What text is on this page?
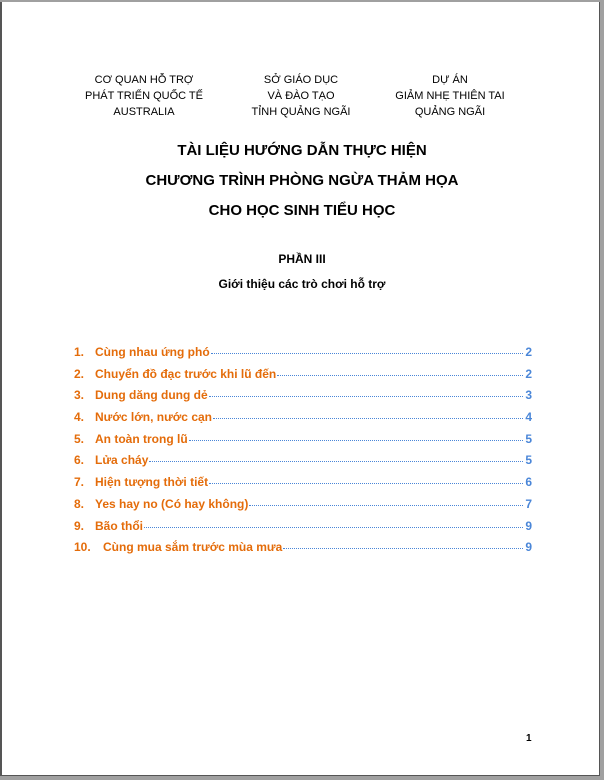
CƠ QUAN HỖ TRỢ
PHÁT TRIỂN QUỐC TẾ
AUSTRALIA
SỞ GIÁO DỤC
VÀ ĐÀO TẠO
TỈNH QUẢNG NGÃI
DỰ ÁN
GIẢM NHẸ THIÊN TAI
QUẢNG NGÃI
TÀI LIỆU HƯỚNG DẪN THỰC HIỆN
CHƯƠNG TRÌNH PHÒNG NGỪA THẢM HỌA
CHO HỌC SINH TIỂU HỌC
PHẦN III
Giới thiệu các trò chơi hỗ trợ
1. Cùng nhau ứng phó	2
2. Chuyển đồ đạc trước khi lũ đến	2
3. Dung dăng dung dẻ	3
4. Nước lớn, nước cạn	4
5. An toàn trong lũ	5
6. Lửa cháy	5
7. Hiện tượng thời tiết	6
8. Yes hay no (Có hay không)	7
9. Bão thổi	9
10.	Cùng mua sắm trước mùa mưa	9
1
